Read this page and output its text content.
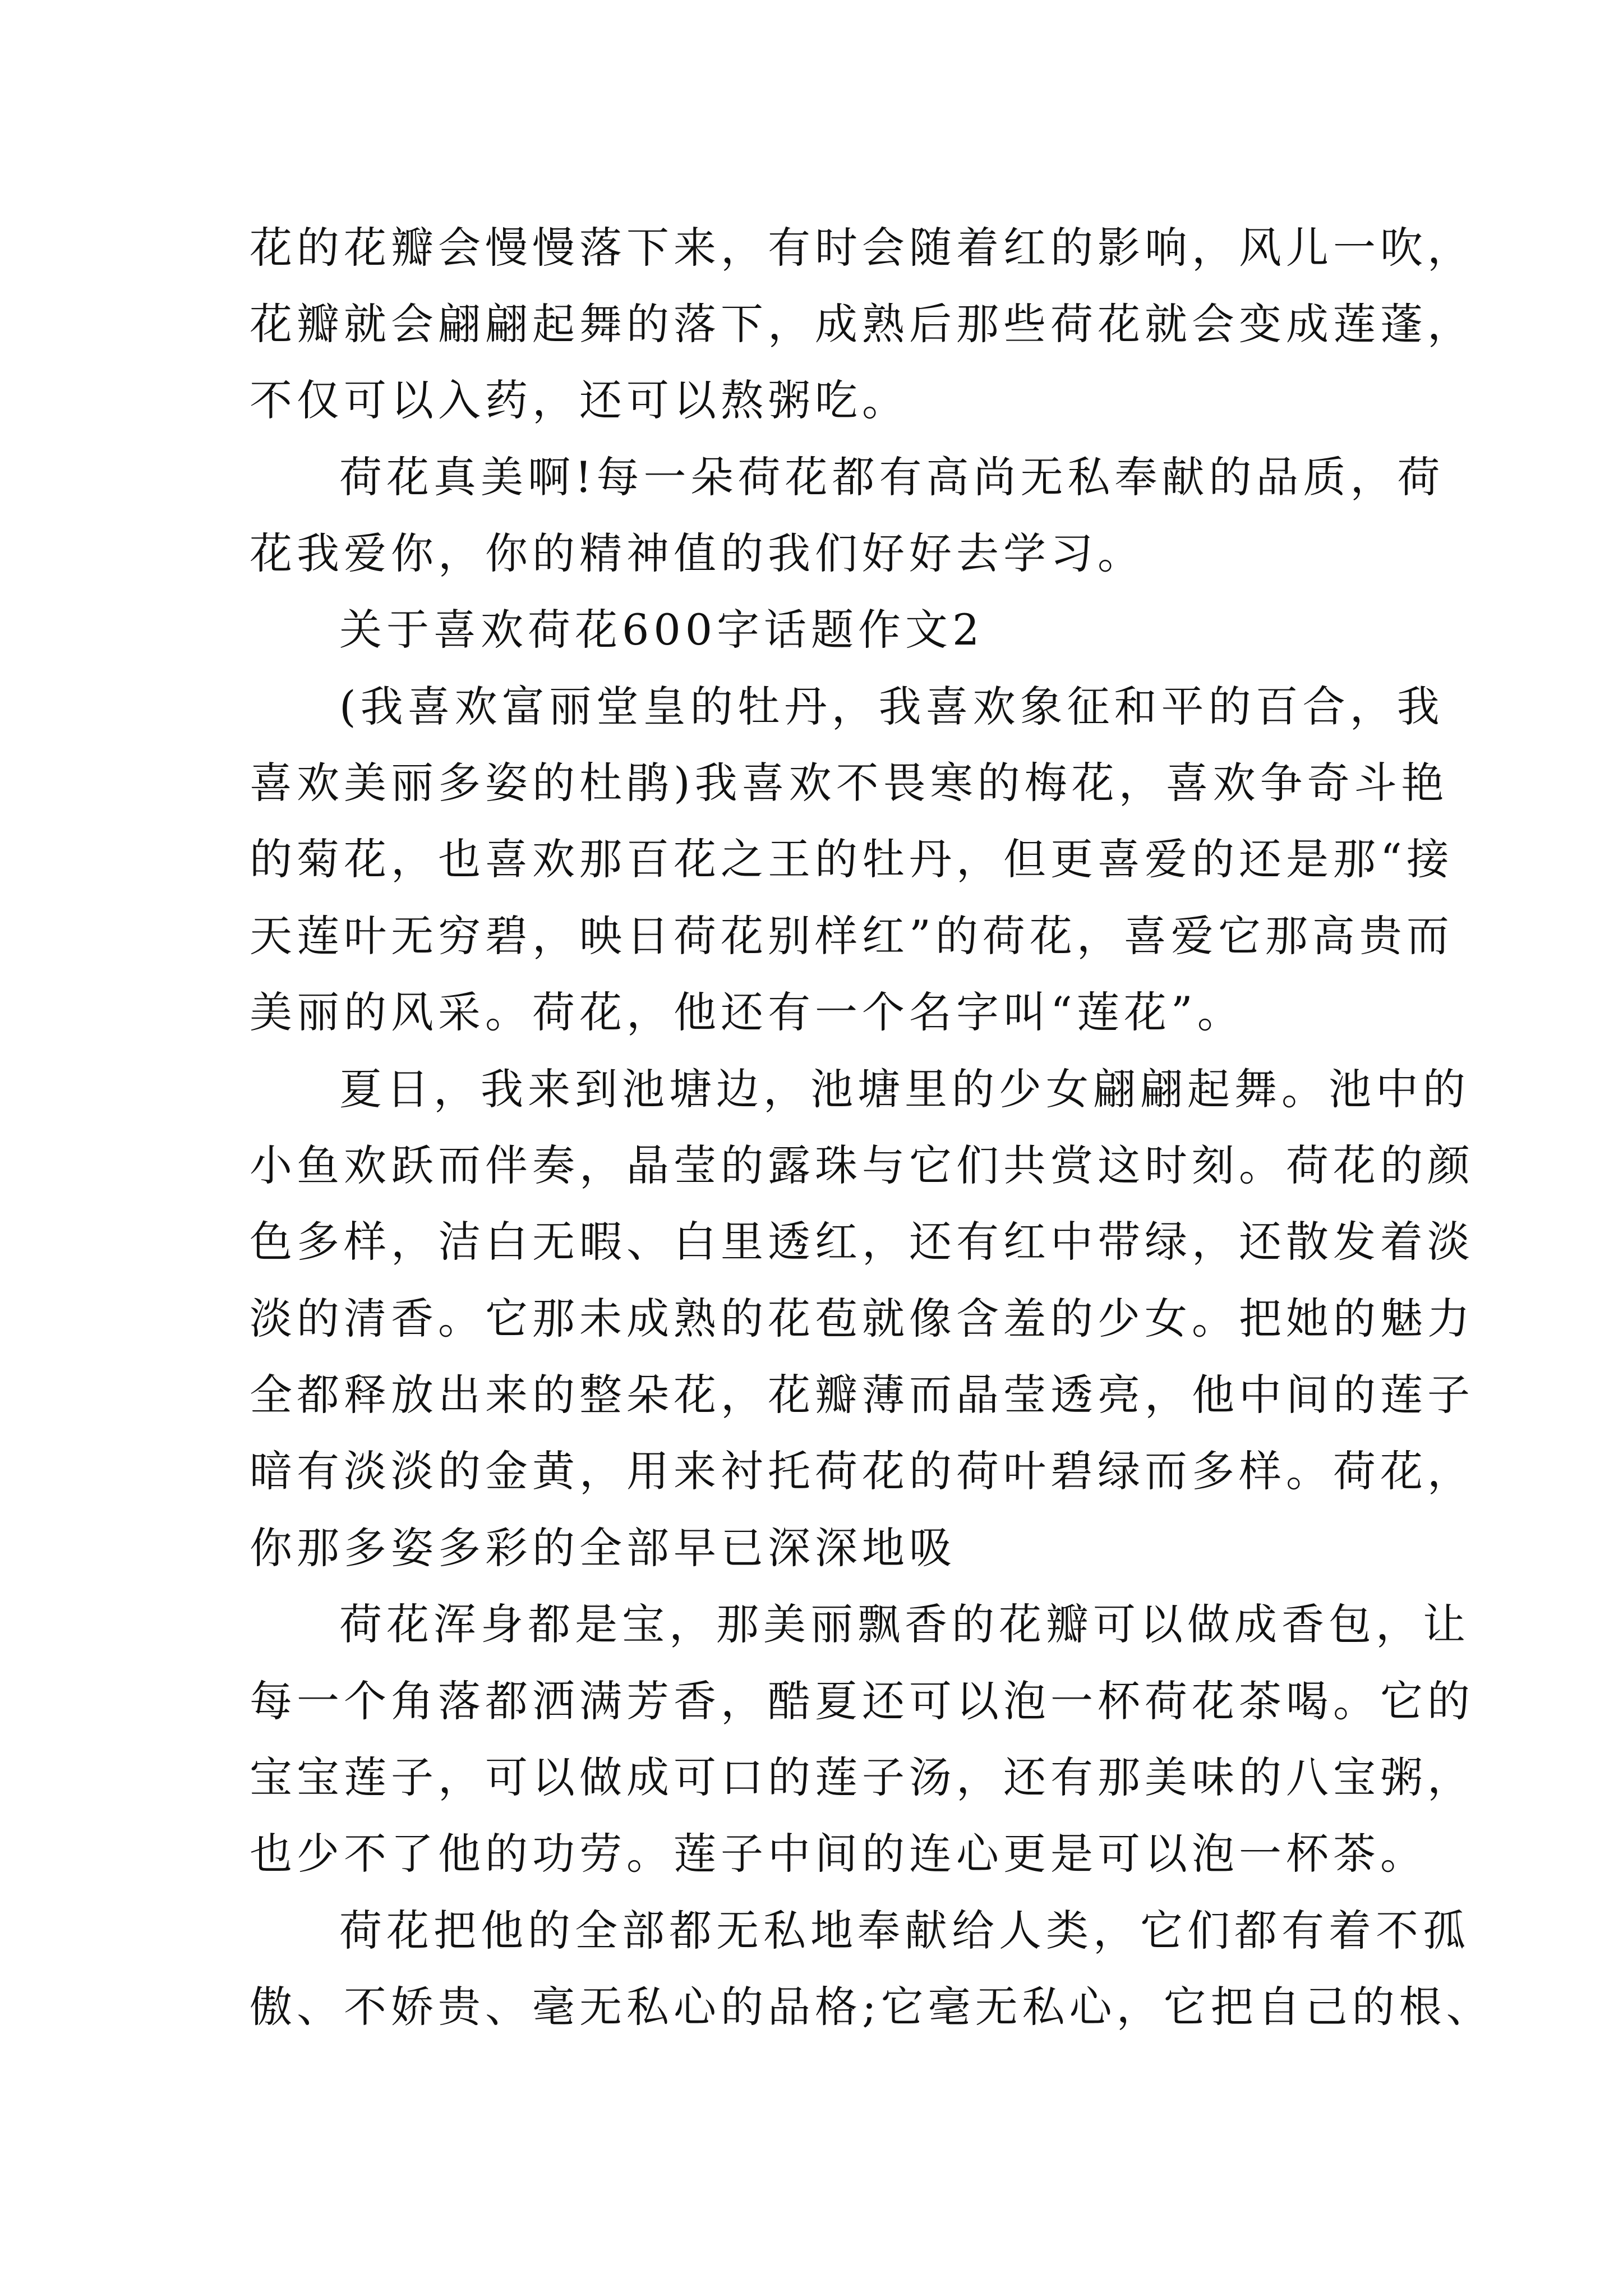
花的花瓣会慢慢落下来，有时会随着红的影响，风儿一吹，
花瓣就会翩翩起舞的落下，成熟后那些荷花就会变成莲蓬，
不仅可以入药，还可以熬粥吃。
荷花真美啊!每一朵荷花都有高尚无私奉献的品质，荷
花我爱你，你的精神值的我们好好去学习。
关于喜欢荷花600字话题作文2
(我喜欢富丽堂皇的牡丹，我喜欢象征和平的百合，我
喜欢美丽多姿的杜鹃)我喜欢不畏寒的梅花，喜欢争奇斗艳
的菊花，也喜欢那百花之王的牡丹，但更喜爱的还是那“接
天莲叶无穷碧，映日荷花别样红”的荷花，喜爱它那高贵而
美丽的风采。荷花，他还有一个名字叫“莲花”。
夏日，我来到池塘边，池塘里的少女翩翩起舞。池中的
小鱼欢跃而伴奏，晶莹的露珠与它们共赏这时刻。荷花的颜
色多样，洁白无暇、白里透红，还有红中带绿，还散发着淡
淡的清香。它那未成熟的花苞就像含羞的少女。把她的魅力
全都释放出来的整朵花，花瓣薄而晶莹透亮，他中间的莲子
暗有淡淡的金黄，用来衬托荷花的荷叶碧绿而多样。荷花，
你那多姿多彩的全部早已深深地吸
荷花浑身都是宝，那美丽飘香的花瓣可以做成香包，让
每一个角落都洒满芳香，酷夏还可以泡一杯荷花茶喝。它的
宝宝莲子，可以做成可口的莲子汤，还有那美味的八宝粥，
也少不了他的功劳。莲子中间的连心更是可以泡一杯茶。
荷花把他的全部都无私地奉献给人类，它们都有着不孤
傲、不娇贵、毫无私心的品格;它毫无私心，它把自己的根、
